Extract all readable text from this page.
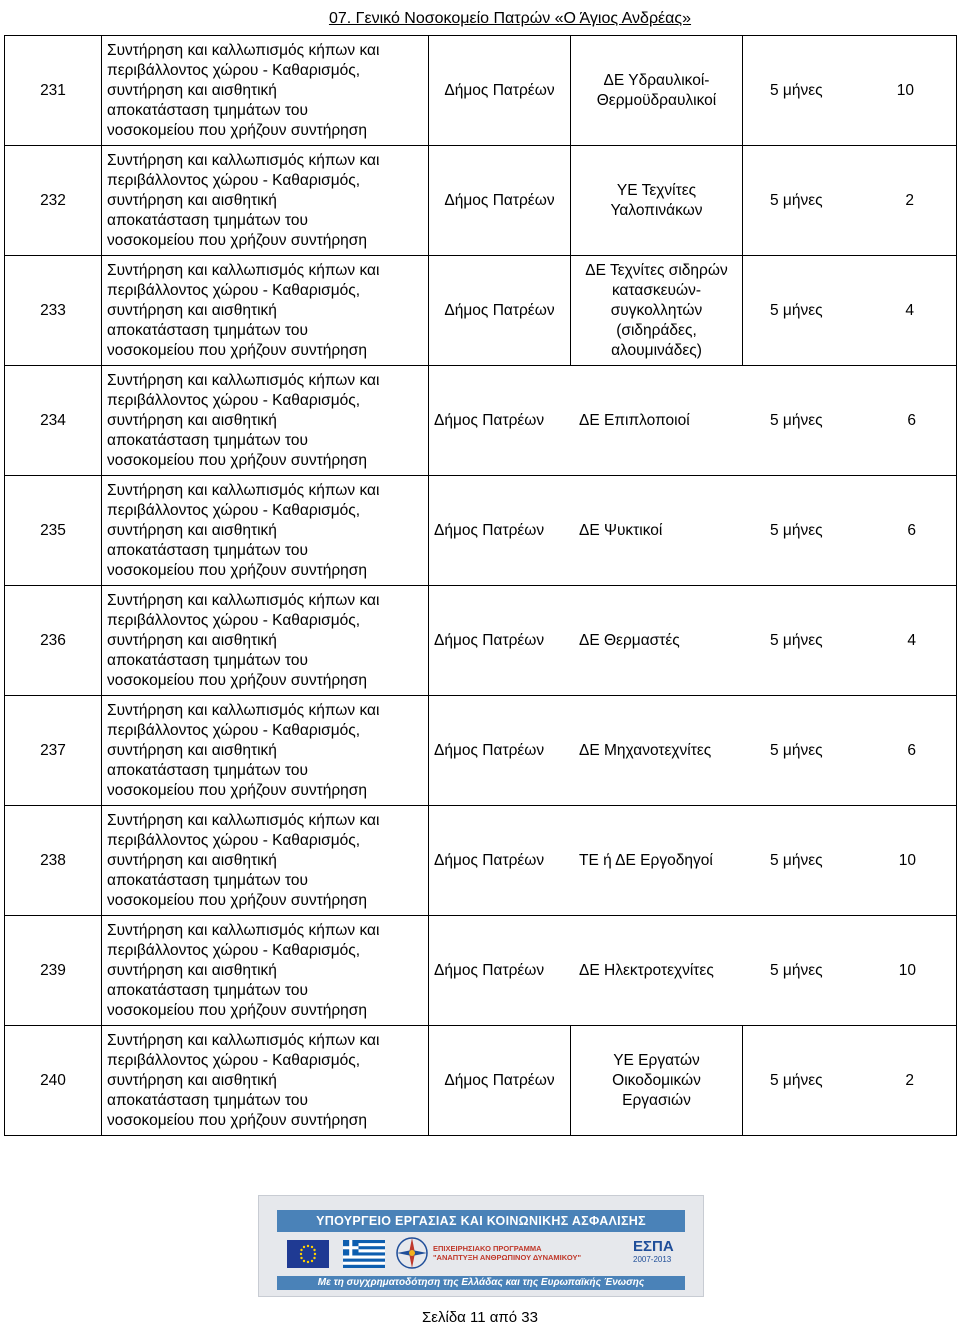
07. Γενικό Νοσοκομείο Πατρών «Ο Άγιος Ανδρέας»
231	Συντήρηση και καλλωπισμός κήπων και
περιβάλλοντος χώρου - Καθαρισμός,
συντήρηση και αισθητική
αποκατάσταση τμημάτων του
νοσοκομείου που χρήζουν συντήρηση	Δήμος Πατρέων	ΔΕ Υδραυλικοί-
Θερμοϋδραυλικοί	5 μήνες 10
232	Συντήρηση και καλλωπισμός κήπων και
περιβάλλοντος χώρου - Καθαρισμός,
συντήρηση και αισθητική
αποκατάσταση τμημάτων του
νοσοκομείου που χρήζουν συντήρηση	Δήμος Πατρέων	ΥΕ Τεχνίτες
Υαλοπινάκων	5 μήνες 2
233	Συντήρηση και καλλωπισμός κήπων και
περιβάλλοντος χώρου - Καθαρισμός,
συντήρηση και αισθητική
αποκατάσταση τμημάτων του
νοσοκομείου που χρήζουν συντήρηση	Δήμος Πατρέων	ΔΕ Τεχνίτες σιδηρών
κατασκευών-
συγκολλητών
(σιδηράδες,
αλουμινάδες)	5 μήνες 4
234	Συντήρηση και καλλωπισμός κήπων και
περιβάλλοντος χώρου - Καθαρισμός,
συντήρηση και αισθητική
αποκατάσταση τμημάτων του
νοσοκομείου που χρήζουν συντήρηση	Δήμος Πατρέων ΔΕ Επιπλοποιοί 5 μήνες 6		

235	Συντήρηση και καλλωπισμός κήπων και
περιβάλλοντος χώρου - Καθαρισμός,
συντήρηση και αισθητική
αποκατάσταση τμημάτων του
νοσοκομείου που χρήζουν συντήρηση	Δήμος Πατρέων ΔΕ Ψυκτικοί 5 μήνες 6		

236	Συντήρηση και καλλωπισμός κήπων και
περιβάλλοντος χώρου - Καθαρισμός,
συντήρηση και αισθητική
αποκατάσταση τμημάτων του
νοσοκομείου που χρήζουν συντήρηση	Δήμος Πατρέων ΔΕ Θερμαστές 5 μήνες 4		

237	Συντήρηση και καλλωπισμός κήπων και
περιβάλλοντος χώρου - Καθαρισμός,
συντήρηση και αισθητική
αποκατάσταση τμημάτων του
νοσοκομείου που χρήζουν συντήρηση	Δήμος Πατρέων ΔΕ Μηχανοτεχνίτες 5 μήνες 6		

238	Συντήρηση και καλλωπισμός κήπων και
περιβάλλοντος χώρου - Καθαρισμός,
συντήρηση και αισθητική
αποκατάσταση τμημάτων του
νοσοκομείου που χρήζουν συντήρηση	Δήμος Πατρέων ΤΕ ή ΔΕ Εργοδηγοί 5 μήνες 10		

239	Συντήρηση και καλλωπισμός κήπων και
περιβάλλοντος χώρου - Καθαρισμός,
συντήρηση και αισθητική
αποκατάσταση τμημάτων του
νοσοκομείου που χρήζουν συντήρηση	Δήμος Πατρέων ΔΕ Ηλεκτροτεχνίτες 5 μήνες 10		

240	Συντήρηση και καλλωπισμός κήπων και
περιβάλλοντος χώρου - Καθαρισμός,
συντήρηση και αισθητική
αποκατάσταση τμημάτων του
νοσοκομείου που χρήζουν συντήρηση	Δήμος Πατρέων	ΥΕ Εργατών
Οικοδομικών
Εργασιών	5 μήνες 2
ΥΠΟΥΡΓΕΙΟ ΕΡΓΑΣΙΑΣ ΚΑΙ ΚΟΙΝΩΝΙΚΗΣ ΑΣΦΑΛΙΣΗΣ
ΕΠΙΧΕΙΡΗΣΙΑΚΟ ΠΡΟΓΡΑΜΜΑ
"ΑΝΑΠΤΥΞΗ ΑΝΘΡΩΠΙΝΟΥ ΔΥΝΑΜΙΚΟΥ"
ΕΣΠΑ
2007-2013
Με τη συγχρηματοδότηση της Ελλάδας και της Ευρωπαϊκής Ένωσης
Σελίδα 11 από 33
